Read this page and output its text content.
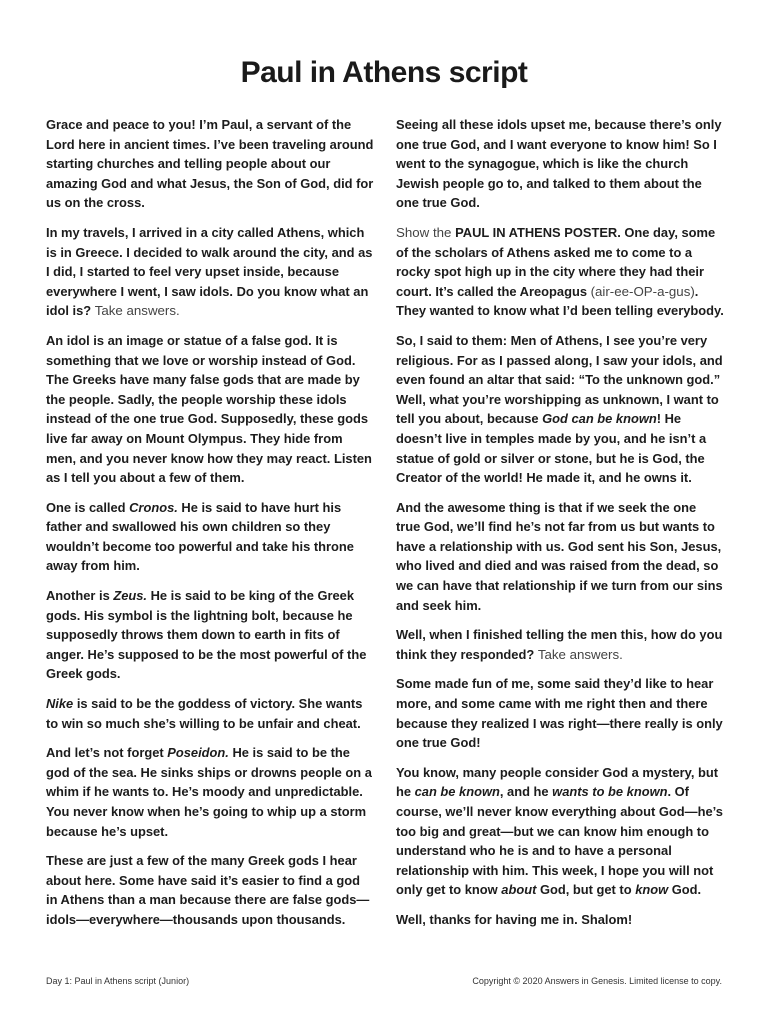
Paul in Athens script

Grace and peace to you! I’m Paul, a servant of the Lord here in ancient times. I’ve been traveling around starting churches and telling people about our amazing God and what Jesus, the Son of God, did for us on the cross.

In my travels, I arrived in a city called Athens, which is in Greece. I decided to walk around the city, and as I did, I started to feel very upset inside, because everywhere I went, I saw idols. Do you know what an idol is? Take answers.

An idol is an image or statue of a false god. It is something that we love or worship instead of God. The Greeks have many false gods that are made by the people. Sadly, the people worship these idols instead of the one true God. Supposedly, these gods live far away on Mount Olympus. They hide from men, and you never know how they may react. Listen as I tell you about a few of them.

One is called Cronos. He is said to have hurt his father and swallowed his own children so they wouldn’t become too powerful and take his throne away from him.

Another is Zeus. He is said to be king of the Greek gods. His symbol is the lightning bolt, because he supposedly throws them down to earth in fits of anger. He’s supposed to be the most powerful of the Greek gods.

Nike is said to be the goddess of victory. She wants to win so much she’s willing to be unfair and cheat.

And let’s not forget Poseidon. He is said to be the god of the sea. He sinks ships or drowns people on a whim if he wants to. He’s moody and unpredictable. You never know when he’s going to whip up a storm because he’s upset.

These are just a few of the many Greek gods I hear about here. Some have said it’s easier to find a god in Athens than a man because there are false gods—idols—everywhere—thousands upon thousands.

Seeing all these idols upset me, because there’s only one true God, and I want everyone to know him! So I went to the synagogue, which is like the church Jewish people go to, and talked to them about the one true God.

Show the PAUL IN ATHENS POSTER. One day, some of the scholars of Athens asked me to come to a rocky spot high up in the city where they had their court. It’s called the Areopagus (air-ee-OP-a-gus). They wanted to know what I’d been telling everybody.

So, I said to them: Men of Athens, I see you’re very religious. For as I passed along, I saw your idols, and even found an altar that said: “To the unknown god.” Well, what you’re worshipping as unknown, I want to tell you about, because God can be known! He doesn’t live in temples made by you, and he isn’t a statue of gold or silver or stone, but he is God, the Creator of the world! He made it, and he owns it.

And the awesome thing is that if we seek the one true God, we’ll find he’s not far from us but wants to have a relationship with us. God sent his Son, Jesus, who lived and died and was raised from the dead, so we can have that relationship if we turn from our sins and seek him.

Well, when I finished telling the men this, how do you think they responded? Take answers.

Some made fun of me, some said they’d like to hear more, and some came with me right then and there because they realized I was right—there really is only one true God!

You know, many people consider God a mystery, but he can be known, and he wants to be known. Of course, we’ll never know everything about God—he’s too big and great—but we can know him enough to understand who he is and to have a personal relationship with him. This week, I hope you will not only get to know about God, but get to know God.

Well, thanks for having me in. Shalom!

Day 1: Paul in Athens script (Junior)	Copyright © 2020 Answers in Genesis. Limited license to copy.
